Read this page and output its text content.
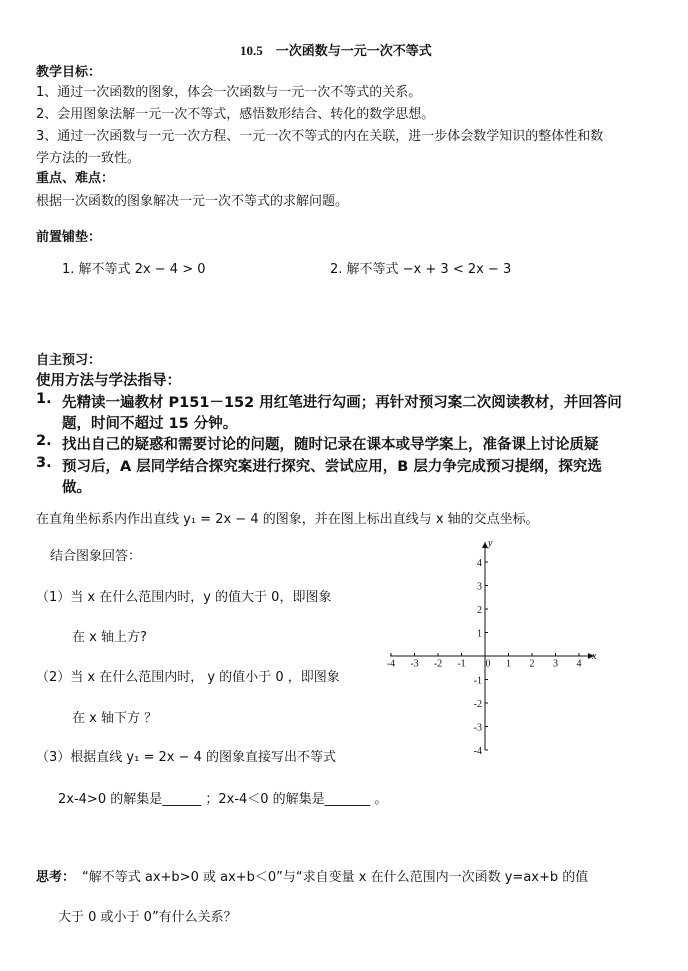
10.5　一次函数与一元一次不等式
教学目标：
1、通过一次函数的图象，体会一次函数与一元一次不等式的关系。
2、会用图象法解一元一次不等式，感悟数形结合、转化的数学思想。
3、通过一次函数与一元一次方程、一元一次不等式的内在关联，进一步体会数学知识的整体性和数
学方法的一致性。
重点、难点：
根据一次函数的图象解决一元一次不等式的求解问题。
前置铺垫：
1. 解不等式 2x − 4 > 0	2. 解不等式 −x + 3 < 2x − 3
自主预习：
使用方法与学法指导：
1. 先精读一遍教材 P151－152 用红笔进行勾画；再针对预习案二次阅读教材，并回答问
题，时间不超过 15 分钟。
2. 找出自己的疑惑和需要讨论的问题，随时记录在课本或导学案上，准备课上讨论质疑
3. 预习后，A 层同学结合探究案进行探究、尝试应用，B 层力争完成预习提纲，探究选
做。
在直角坐标系内作出直线 y₁ = 2x − 4 的图象，并在图上标出直线与 x 轴的交点坐标。
结合图象回答：
（1）当 x 在什么范围内时，y 的值大于 0，即图象
在 x 轴上方?
（2）当 x 在什么范围内时， y 的值小于 0 ，即图象
在 x 轴下方 ？
（3）根据直线 y₁ = 2x − 4 的图象直接写出不等式
2x-4>0 的解集是______ ；2x-4＜0 的解集是_______ 。
思考： “解不等式 ax+b>0 或 ax+b＜0”与“求自变量 x 在什么范围内一次函数 y=ax+b 的值
大于 0 或小于 0”有什么关系？
x
y
-4 -3 -2 -1 0 1 2 3 4
4
3
2
1
-1
-2
-3
-4
